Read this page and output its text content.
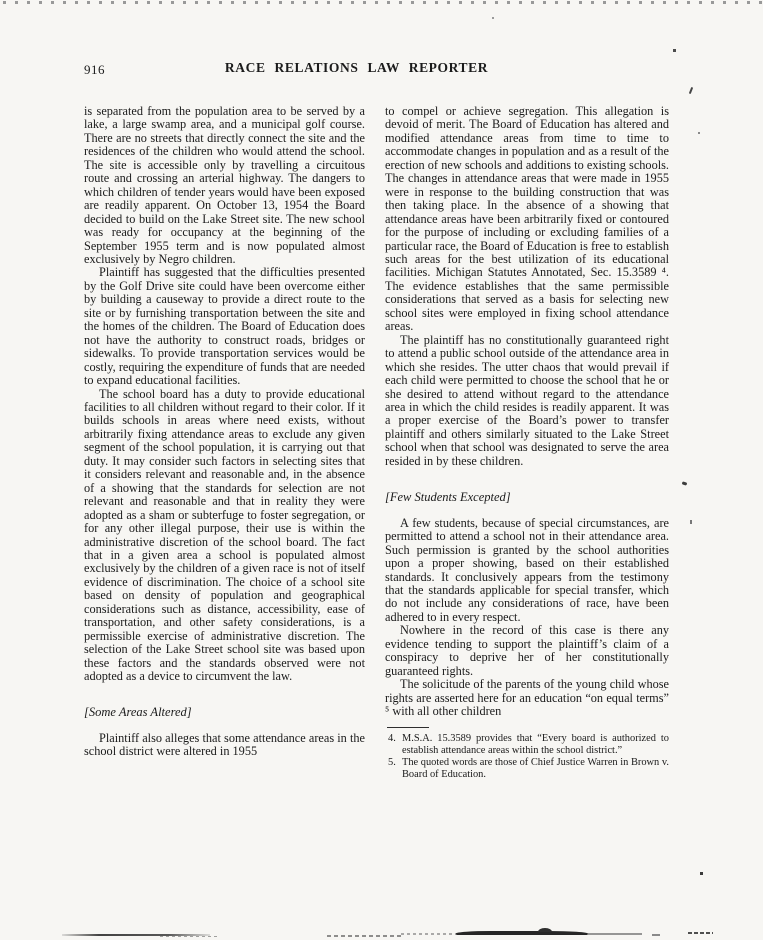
916	RACE RELATIONS LAW REPORTER

is separated from the population area to be served by a lake, a large swamp area, and a municipal golf course. There are no streets that directly connect the site and the residences of the children who would attend the school. The site is accessible only by travelling a circuitous route and crossing an arterial highway. The dangers to which children of tender years would have been exposed are readily apparent. On October 13, 1954 the Board decided to build on the Lake Street site. The new school was ready for occupancy at the beginning of the September 1955 term and is now populated almost exclusively by Negro children.

Plaintiff has suggested that the difficulties presented by the Golf Drive site could have been overcome either by building a causeway to provide a direct route to the site or by furnishing transportation between the site and the homes of the children. The Board of Education does not have the authority to construct roads, bridges or sidewalks. To provide transportation services would be costly, requiring the expenditure of funds that are needed to expand educational facilities.

The school board has a duty to provide educational facilities to all children without regard to their color. If it builds schools in areas where need exists, without arbitrarily fixing attendance areas to exclude any given segment of the school population, it is carrying out that duty. It may consider such factors in selecting sites that it considers relevant and reasonable and, in the absence of a showing that the standards for selection are not relevant and reasonable and that in reality they were adopted as a sham or subterfuge to foster segregation, or for any other illegal purpose, their use is within the administrative discretion of the school board. The fact that in a given area a school is populated almost exclusively by the children of a given race is not of itself evidence of discrimination. The choice of a school site based on density of population and geographical considerations such as distance, accessibility, ease of transportation, and other safety considerations, is a permissible exercise of administrative discretion. The selection of the Lake Street school site was based upon these factors and the standards observed were not adopted as a device to circumvent the law.

[Some Areas Altered]

Plaintiff also alleges that some attendance areas in the school district were altered in 1955

to compel or achieve segregation. This allegation is devoid of merit. The Board of Education has altered and modified attendance areas from time to time to accommodate changes in population and as a result of the erection of new schools and additions to existing schools. The changes in attendance areas that were made in 1955 were in response to the building construction that was then taking place. In the absence of a showing that attendance areas have been arbitrarily fixed or contoured for the purpose of including or excluding families of a particular race, the Board of Education is free to establish such areas for the best utilization of its educational facilities. Michigan Statutes Annotated, Sec. 15.3589 ⁴. The evidence establishes that the same permissible considerations that served as a basis for selecting new school sites were employed in fixing school attendance areas.

The plaintiff has no constitutionally guaranteed right to attend a public school outside of the attendance area in which she resides. The utter chaos that would prevail if each child were permitted to choose the school that he or she desired to attend without regard to the attendance area in which the child resides is readily apparent. It was a proper exercise of the Board’s power to transfer plaintiff and others similarly situated to the Lake Street school when that school was designated to serve the area resided in by these children.

[Few Students Excepted]

A few students, because of special circumstances, are permitted to attend a school not in their attendance area. Such permission is granted by the school authorities upon a proper showing, based on their established standards. It conclusively appears from the testimony that the standards applicable for special transfer, which do not include any considerations of race, have been adhered to in every respect.

Nowhere in the record of this case is there any evidence tending to support the plaintiff’s claim of a conspiracy to deprive her of her constitutionally guaranteed rights.

The solicitude of the parents of the young child whose rights are asserted here for an education “on equal terms” ⁵ with all other children

4. M.S.A. 15.3589 provides that “Every board is authorized to establish attendance areas within the school district.”
5. The quoted words are those of Chief Justice Warren in Brown v. Board of Education.
